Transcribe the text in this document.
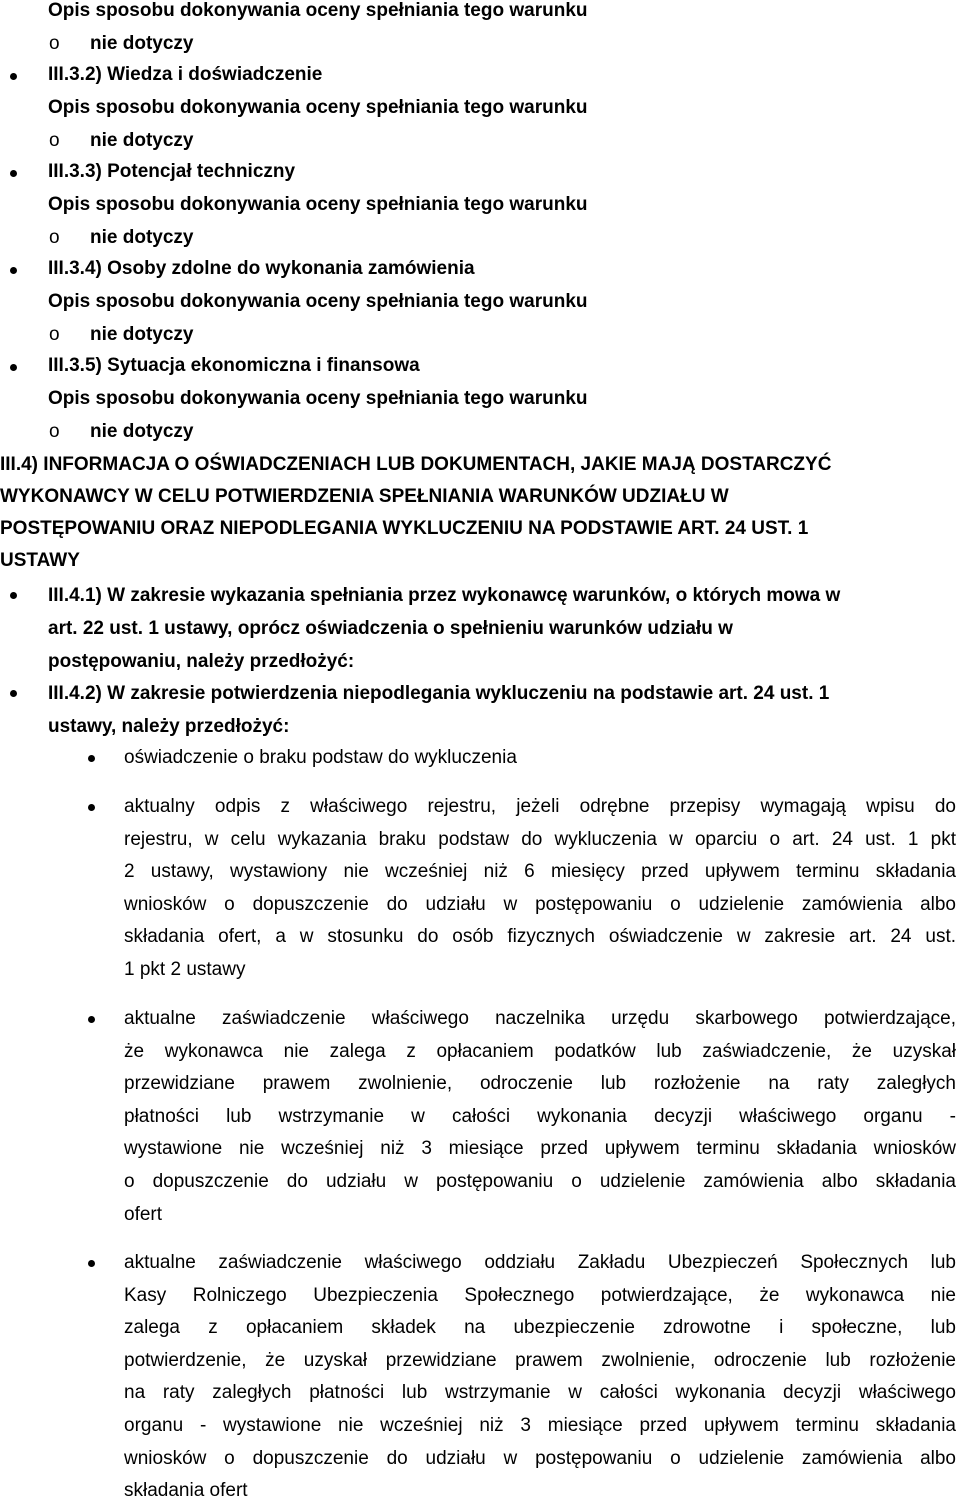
Opis sposobu dokonywania oceny spełniania tego warunku
o nie dotyczy
III.3.2) Wiedza i doświadczenie
Opis sposobu dokonywania oceny spełniania tego warunku
o nie dotyczy
III.3.3) Potencjał techniczny
Opis sposobu dokonywania oceny spełniania tego warunku
o nie dotyczy
III.3.4) Osoby zdolne do wykonania zamówienia
Opis sposobu dokonywania oceny spełniania tego warunku
o nie dotyczy
III.3.5) Sytuacja ekonomiczna i finansowa
Opis sposobu dokonywania oceny spełniania tego warunku
o nie dotyczy
III.4) INFORMACJA O OŚWIADCZENIACH LUB DOKUMENTACH, JAKIE MAJĄ DOSTARCZYĆ
WYKONAWCY W CELU POTWIERDZENIA SPEŁNIANIA WARUNKÓW UDZIAŁU W
POSTĘPOWANIU ORAZ NIEPODLEGANIA WYKLUCZENIU NA PODSTAWIE ART. 24 UST. 1
USTAWY
III.4.1) W zakresie wykazania spełniania przez wykonawcę warunków, o których mowa w
art. 22 ust. 1 ustawy, oprócz oświadczenia o spełnieniu warunków udziału w
postępowaniu, należy przedłożyć:
III.4.2) W zakresie potwierdzenia niepodlegania wykluczeniu na podstawie art. 24 ust. 1
ustawy, należy przedłożyć:
oświadczenie o braku podstaw do wykluczenia
aktualny odpis z właściwego rejestru, jeżeli odrębne przepisy wymagają wpisu do
rejestru, w celu wykazania braku podstaw do wykluczenia w oparciu o art. 24 ust. 1 pkt
2 ustawy, wystawiony nie wcześniej niż 6 miesięcy przed upływem terminu składania
wniosków o dopuszczenie do udziału w postępowaniu o udzielenie zamówienia albo
składania ofert, a w stosunku do osób fizycznych oświadczenie w zakresie art. 24 ust.
1 pkt 2 ustawy
aktualne zaświadczenie właściwego naczelnika urzędu skarbowego potwierdzające,
że wykonawca nie zalega z opłacaniem podatków lub zaświadczenie, że uzyskał
przewidziane prawem zwolnienie, odroczenie lub rozłożenie na raty zaległych
płatności lub wstrzymanie w całości wykonania decyzji właściwego organu -
wystawione nie wcześniej niż 3 miesiące przed upływem terminu składania wniosków
o dopuszczenie do udziału w postępowaniu o udzielenie zamówienia albo składania
ofert
aktualne zaświadczenie właściwego oddziału Zakładu Ubezpieczeń Społecznych lub
Kasy Rolniczego Ubezpieczenia Społecznego potwierdzające, że wykonawca nie
zalega z opłacaniem składek na ubezpieczenie zdrowotne i społeczne, lub
potwierdzenie, że uzyskał przewidziane prawem zwolnienie, odroczenie lub rozłożenie
na raty zaległych płatności lub wstrzymanie w całości wykonania decyzji właściwego
organu - wystawione nie wcześniej niż 3 miesiące przed upływem terminu składania
wniosków o dopuszczenie do udziału w postępowaniu o udzielenie zamówienia albo
składania ofert
